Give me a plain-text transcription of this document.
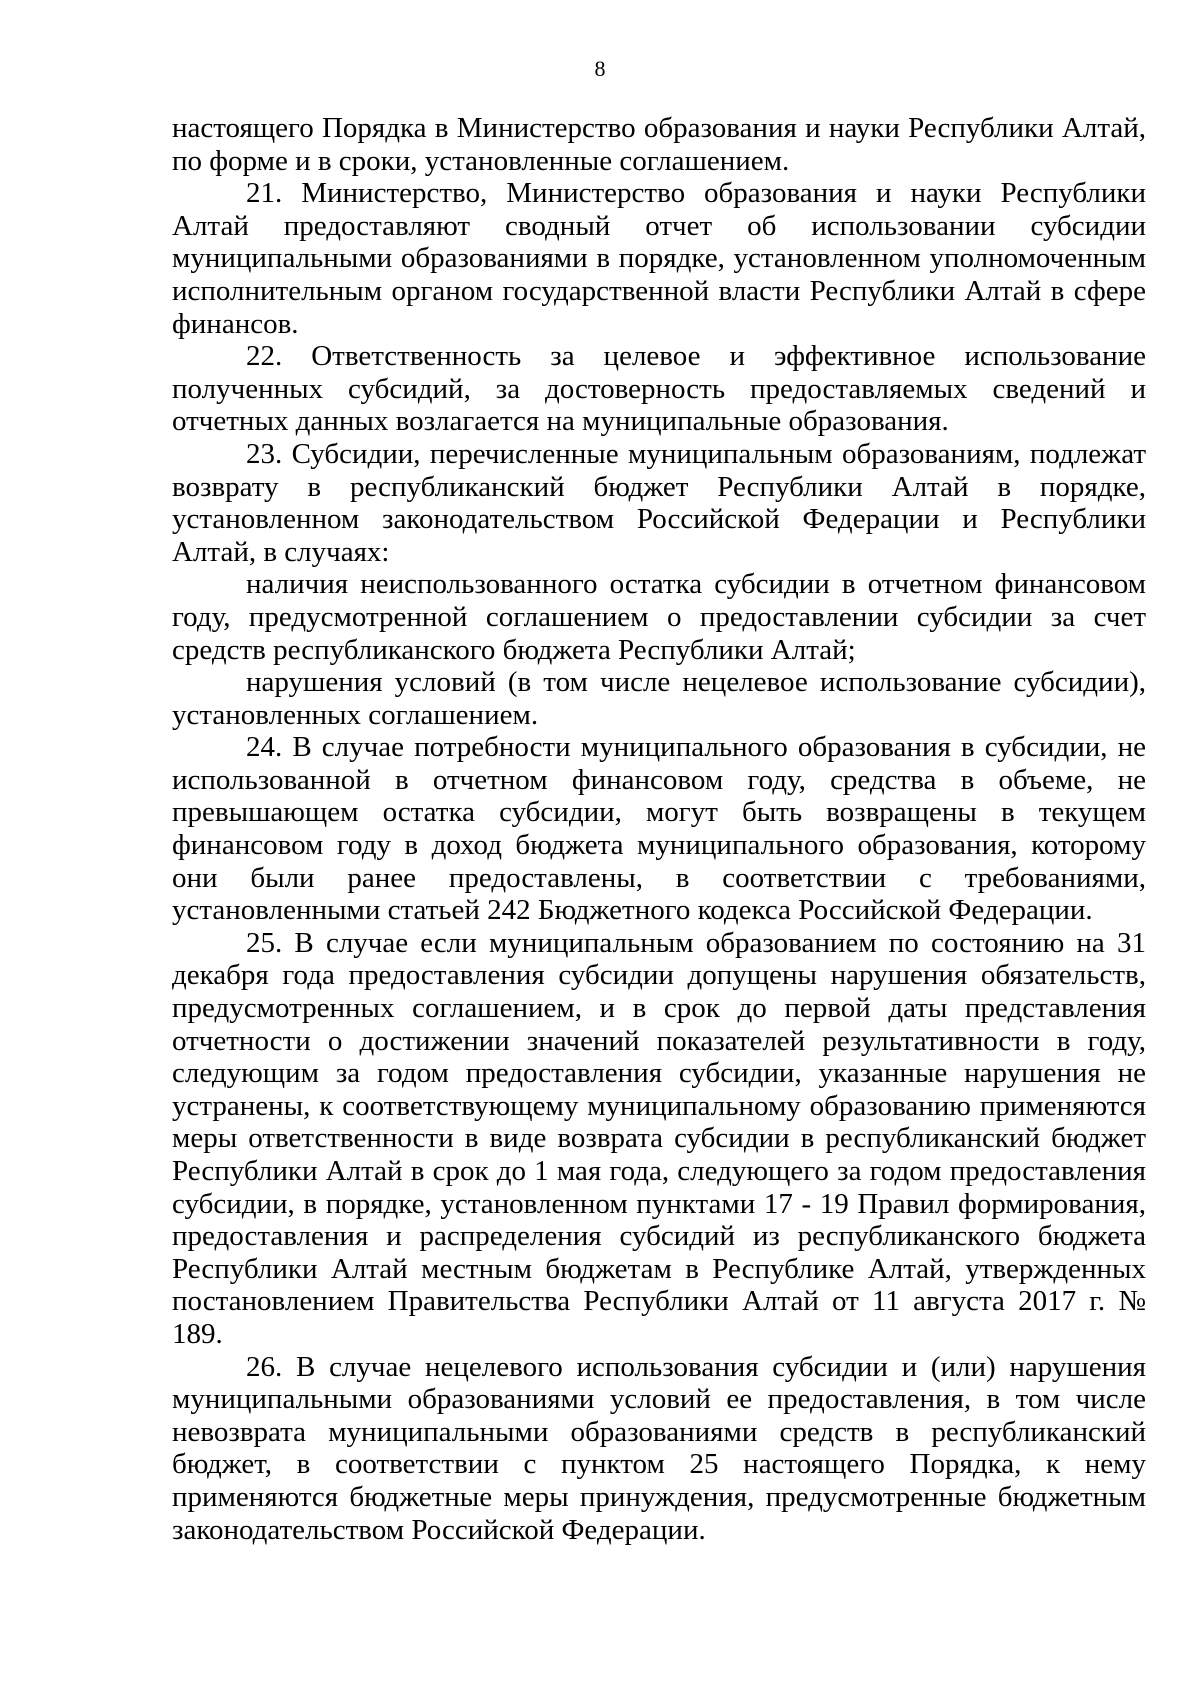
8

настоящего Порядка в Министерство образования и науки Республики Алтай, по форме и в сроки, установленные соглашением.

21. Министерство, Министерство образования и науки Республики Алтай предоставляют сводный отчет об использовании субсидии муниципальными образованиями в порядке, установленном уполномоченным исполнительным органом государственной власти Республики Алтай в сфере финансов.

22. Ответственность за целевое и эффективное использование полученных субсидий, за достоверность предоставляемых сведений и отчетных данных возлагается на муниципальные образования.

23. Субсидии, перечисленные муниципальным образованиям, подлежат возврату в республиканский бюджет Республики Алтай в порядке, установленном законодательством Российской Федерации и Республики Алтай, в случаях:

наличия неиспользованного остатка субсидии в отчетном финансовом году, предусмотренной соглашением о предоставлении субсидии за счет средств республиканского бюджета Республики Алтай;

нарушения условий (в том числе нецелевое использование субсидии), установленных соглашением.

24. В случае потребности муниципального образования в субсидии, не использованной в отчетном финансовом году, средства в объеме, не превышающем остатка субсидии, могут быть возвращены в текущем финансовом году в доход бюджета муниципального образования, которому они были ранее предоставлены, в соответствии с требованиями, установленными статьей 242 Бюджетного кодекса Российской Федерации.

25. В случае если муниципальным образованием по состоянию на 31 декабря года предоставления субсидии допущены нарушения обязательств, предусмотренных соглашением, и в срок до первой даты представления отчетности о достижении значений показателей результативности в году, следующим за годом предоставления субсидии, указанные нарушения не устранены, к соответствующему муниципальному образованию применяются меры ответственности в виде возврата субсидии в республиканский бюджет Республики Алтай в срок до 1 мая года, следующего за годом предоставления субсидии, в порядке, установленном пунктами 17 - 19 Правил формирования, предоставления и распределения субсидий из республиканского бюджета Республики Алтай местным бюджетам в Республике Алтай, утвержденных постановлением Правительства Республики Алтай от 11 августа 2017 г. № 189.

26. В случае нецелевого использования субсидии и (или) нарушения муниципальными образованиями условий ее предоставления, в том числе невозврата муниципальными образованиями средств в республиканский бюджет, в соответствии с пунктом 25 настоящего Порядка, к нему применяются бюджетные меры принуждения, предусмотренные бюджетным законодательством Российской Федерации.
